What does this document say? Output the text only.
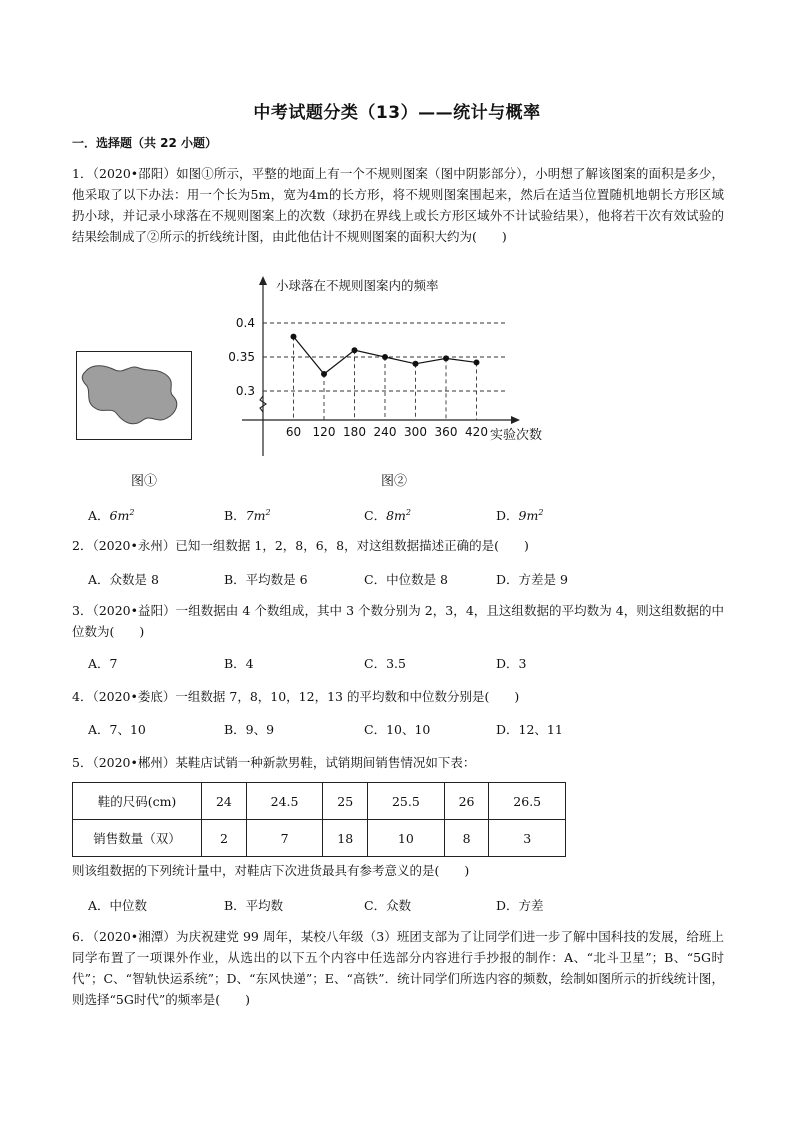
中考试题分类（13）——统计与概率
一．选择题（共 22 小题）
1．（2020•邵阳）如图①所示，平整的地面上有一个不规则图案（图中阴影部分），小明想了解该图案的面积是多少，他采取了以下办法：用一个长为5m，宽为4m的长方形，将不规则图案围起来，然后在适当位置随机地朝长方形区域扔小球，并记录小球落在不规则图案上的次数（球扔在界线上或长方形区域外不计试验结果），他将若干次有效试验的结果绘制成了②所示的折线统计图，由此他估计不规则图案的面积大约为(　　)
图①	图②
小球落在不规则图案内的频率
0.3
0.35
0.4
60 120 180 240 300 360 420 实验次数
A．$6m^2$	B．$7m^2$	C．$8m^2$	D．$9m^2$
2．（2020•永州）已知一组数据 1，2，8，6，8，对这组数据描述正确的是(　　)
A．众数是 8	B．平均数是 6	C．中位数是 8	D．方差是 9
3．（2020•益阳）一组数据由 4 个数组成，其中 3 个数分别为 2，3，4，且这组数据的平均数为 4，则这组数据的中位数为(　　)
A．7	B．4	C．3.5	D．3
4．（2020•娄底）一组数据 7，8，10，12，13 的平均数和中位数分别是(　　)
A．7、10	B．9、9	C．10、10	D．12、11
5．（2020•郴州）某鞋店试销一种新款男鞋，试销期间销售情况如下表：
鞋的尺码(cm)	24	24.5	25	25.5	26	26.5
销售数量（双）	2	7	18	10	8	3
则该组数据的下列统计量中，对鞋店下次进货最具有参考意义的是(　　)
A．中位数	B．平均数	C．众数	D．方差
6．（2020•湘潭）为庆祝建党 99 周年，某校八年级（3）班团支部为了让同学们进一步了解中国科技的发展，给班上同学布置了一项课外作业，从选出的以下五个内容中任选部分内容进行手抄报的制作：A、“北斗卫星”；B、“5G时代”；C、“智轨快运系统”；D、“东风快递”；E、“高铁”．统计同学们所选内容的频数，绘制如图所示的折线统计图，则选择“5G时代”的频率是(　　)
